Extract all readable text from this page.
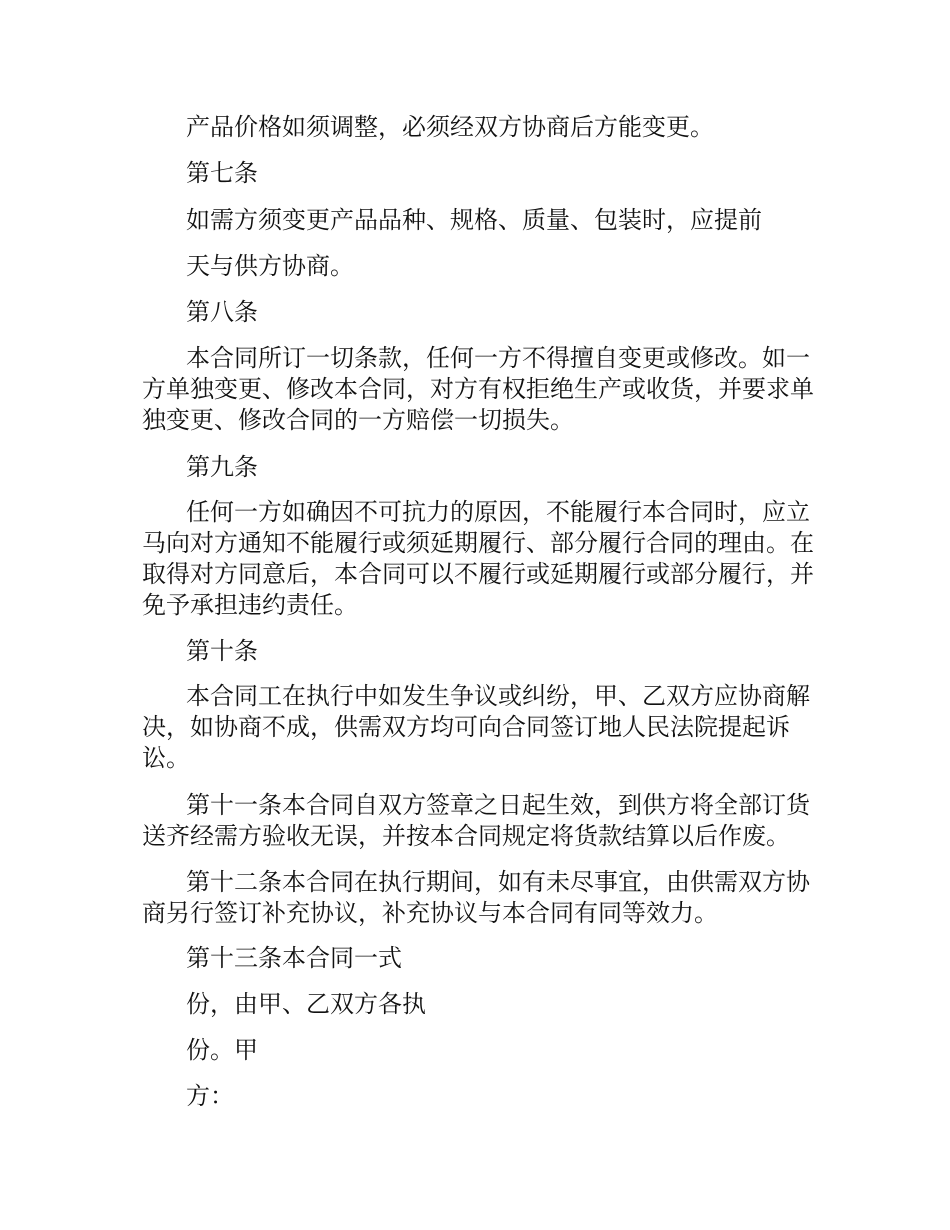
产品价格如须调整，必须经双方协商后方能变更。

第七条

如需方须变更产品品种、规格、质量、包装时，应提前

天与供方协商。

第八条

本合同所订一切条款，任何一方不得擅自变更或修改。如一方单独变更、修改本合同，对方有权拒绝生产或收货，并要求单独变更、修改合同的一方赔偿一切损失。

第九条

任何一方如确因不可抗力的原因，不能履行本合同时，应立马向对方通知不能履行或须延期履行、部分履行合同的理由。在取得对方同意后，本合同可以不履行或延期履行或部分履行，并免予承担违约责任。

第十条

本合同工在执行中如发生争议或纠纷，甲、乙双方应协商解决，如协商不成，供需双方均可向合同签订地人民法院提起诉讼。

第十一条本合同自双方签章之日起生效，到供方将全部订货送齐经需方验收无误，并按本合同规定将货款结算以后作废。

第十二条本合同在执行期间，如有未尽事宜，由供需双方协商另行签订补充协议，补充协议与本合同有同等效力。

第十三条本合同一式

份，由甲、乙双方各执

份。甲

方：
